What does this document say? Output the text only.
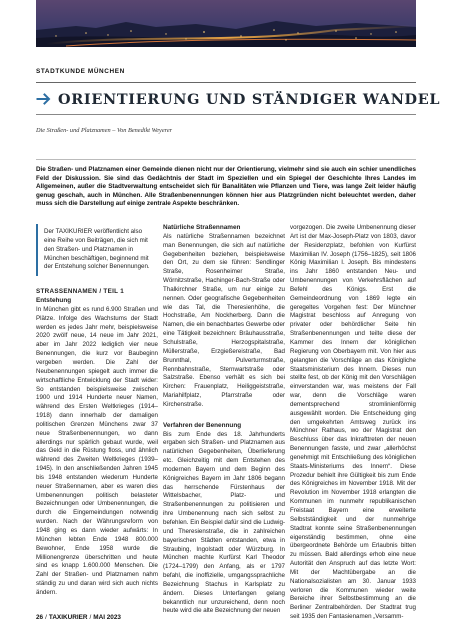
STADTKUNDE MÜNCHEN
ORIENTIERUNG UND STÄNDIGER WANDEL
Die Straßen- und Platznamen – Von Benedikt Weyerer
Die Straßen- und Platznamen einer Gemeinde dienen nicht nur der Orientierung, vielmehr sind sie auch ein schier unendliches Feld der Diskussion. Sie sind das Gedächtnis der Stadt im Speziellen und ein Spiegel der Geschichte Ihres Landes im Allgemeinen, außer die Stadtverwaltung entscheidet sich für Banalitäten wie Pflanzen und Tiere, was lange Zeit leider häufig genug geschah, auch in München. Alle Straßenbenennungen können hier aus Platzgründen nicht beleuchtet werden, daher muss sich die Darstellung auf einige zentrale Aspekte beschränken.

Der TAXIKURIER veröffentlicht also eine Reihe von Beiträgen, die sich mit den Straßen- und Platznamen in München beschäftigen, beginnend mit der Entstehung solcher Benennungen.

STRASSENNAMEN / TEIL 1

Entstehung

In München gibt es rund 6.900 Straßen und Plätze. Infolge des Wachstums der Stadt werden es jedes Jahr mehr, beispielsweise 2020 zwölf neue, 14 neue im Jahr 2021, aber im Jahr 2022 lediglich vier neue Benennungen, die kurz vor Baubeginn vergeben werden. Die Zahl der Neubenennungen spiegelt auch immer die wirtschaftliche Entwicklung der Stadt wider: So entstanden beispielsweise zwischen 1900 und 1914 Hunderte neuer Namen, während des Ersten Weltkrieges (1914–1918) dann innerhalb der damaligen politischen Grenzen Münchens zwar 37 neue Straßenbenennungen, wo dann allerdings nur spärlich gebaut wurde, weil das Geld in die Rüstung floss, und ähnlich während des Zweiten Weltkrieges (1939–1945). In den anschließenden Jahren 1945 bis 1948 entstanden wiederum Hunderte neuer Straßennamen, aber es waren dies Umbenennungen politisch belasteter Bezeichnungen oder Umbenennungen, die durch die Eingemeindungen notwendig wurden. Nach der Währungsreform von 1948 ging es dann wieder aufwärts: In München lebten Ende 1948 800.000 Bewohner, Ende 1958 wurde die Millionengrenze überschritten und heute sind es knapp 1.600.000 Menschen. Die Zahl der Straßen- und Platznamen nahm ständig zu und daran wird sich auch nichts ändern.

Natürliche Straßennamen

Als natürliche Straßennamen bezeichnet man Benennungen, die sich auf natürliche Gegebenheiten beziehen, beispielsweise den Ort, zu dem sie führen: Sendlinger Straße, Rosenheimer Straße, Wörnitzstraße, Hachinger-Bach-Straße oder Thalkirchner Straße, um nur einige zu nennen. Oder geografische Gegebenheiten wie das Tal, die Theresienhöhe, die Hochstraße, Am Nockherberg. Dann die Namen, die ein benachbartes Gewerbe oder eine Tätigkeit bezeichnen: Bräuhausstraße, Schulstraße, Herzogspitalstraße, Müllerstraße, Erzgießereistraße, Bad Brunnthal, Pulverturmstraße, Rennbahnstraße, Sternwartstraße oder Salzstraße. Ebenso verhält es sich bei Kirchen: Frauenplatz, Heiliggeiststraße, Mariahilfplatz, Pfarrstraße oder Kirchenstraße.

Verfahren der Benennung

Bis zum Ende des 18. Jahrhunderts ergaben sich Straßen- und Platznamen aus natürlichen Gegebenheiten, Überlieferung etc. Gleichzeitig mit dem Entstehen des modernen Bayern und dem Beginn des Königreiches Bayern im Jahr 1806 begann das herrschende Fürstenhaus der Wittelsbacher, Platz- und Straßenbenennungen zu politisieren und ihre Umbenennung nach sich selbst zu befehlen. Ein Beispiel dafür sind die Ludwig- und Theresienstraße, die in zahlreichen bayerischen Städten entstanden, etwa in Straubing, Ingolstadt oder Würzburg. In München machte Kurfürst Karl Theodor (1724–1799) den Anfang, als er 1797 befahl, die inoffizielle, umgangssprachliche Bezeichnung Stachus in Karlsplatz zu ändern. Dieses Unterfangen gelang bekanntlich nur unzureichend, denn noch heute wird die alte Bezeichnung der neuen

vorgezogen. Die zweite Umbenennung dieser Art ist der Max-Joseph-Platz von 1803, davor der Residenzplatz, befohlen von Kurfürst Maximilian IV. Joseph (1756–1825), seit 1806 König Maximilian I. Joseph. Bis mindestens ins Jahr 1860 entstanden Neu- und Umbenennungen von Verkehrsflächen auf Befehl des Königs. Erst die Gemeindeordnung von 1869 legte ein geregeltes Vorgehen fest: Der Münchner Magistrat beschloss auf Anregung von privater oder behördlicher Seite hin Straßenbenennungen und teilte diese der Kammer des Innern der königlichen Regierung von Oberbayern mit. Von hier aus gelangten die Vorschläge an das Königliche Staatsministerium des Innern. Dieses nun stellte fest, ob der König mit den Vorschlägen einverstanden war, was meistens der Fall war, denn die Vorschläge waren dementsprechend stromlinienförmig ausgewählt worden. Die Entscheidung ging den umgekehrten Amtsweg zurück ins Münchner Rathaus, wo der Magistrat den Beschluss über das Inkrafttreten der neuen Benennungen fasste, und zwar „allerhöchst genehmigt mit Entschließung des königlichen Staats-Ministeriums des Innern“. Diese Prozedur behielt ihre Gültigkeit bis zum Ende des Königreiches im November 1918. Mit der Revolution im November 1918 erlangten die Kommunen im nunmehr republikanischen Freistaat Bayern eine erweiterte Selbstständigkeit und der nunmehrige Stadtrat konnte seine Straßenbenennungen eigenständig bestimmen, ohne eine übergeordnete Behörde um Erlaubnis bitten zu müssen. Bald allerdings erhob eine neue Autorität den Anspruch auf das letzte Wort: Mit der Machtübergabe an die Nationalsozialisten am 30. Januar 1933 verloren die Kommunen wieder weite Bereiche ihrer Selbstbestimmung an die Berliner Zentralbehörden. Der Stadtrat trug seit 1935 den Fantasienamen „Versamm-

26 / TAXIKURIER / MAI 2023
